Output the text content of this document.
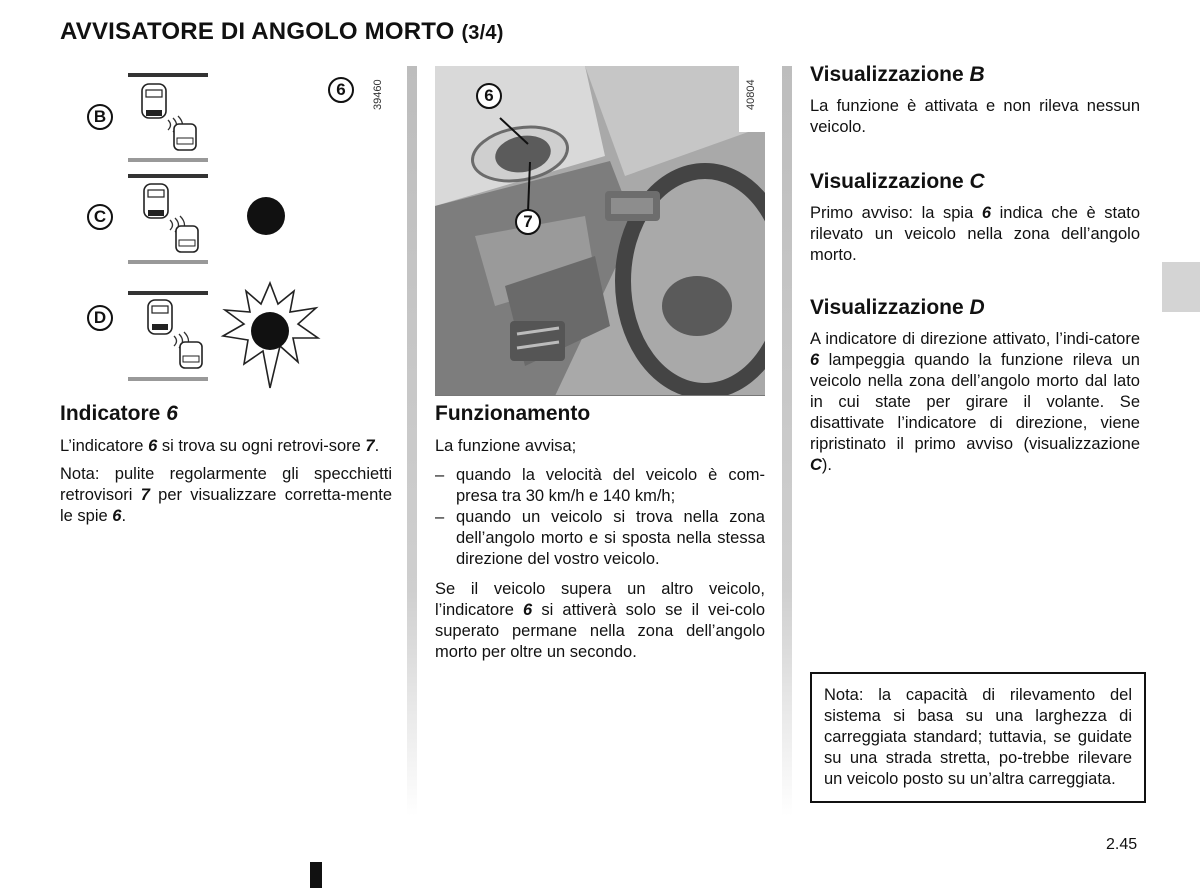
AVVISATORE DI ANGOLO MORTO (3/4)
B
C
D
6	39460	6
7
40804
Indicatore 6

L’indicatore 6 si trova su ogni retrovi-sore 7.

Nota: pulite regolarmente gli specchietti retrovisori 7 per visualizzare corretta-mente le spie 6.

Funzionamento

La funzione avvisa;

– quando la velocità del veicolo è com-presa tra 30 km/h e 140 km/h;
– quando un veicolo si trova nella zona dell’angolo morto e si sposta nella stessa direzione del vostro veicolo.

Se il veicolo supera un altro veicolo, l’indicatore 6 si attiverà solo se il vei-colo superato permane nella zona dell’angolo morto per oltre un secondo.

Visualizzazione B

La funzione è attivata e non rileva nessun veicolo.

Visualizzazione C

Primo avviso: la spia 6 indica che è stato rilevato un veicolo nella zona dell’angolo morto.

Visualizzazione D

A indicatore di direzione attivato, l’indi-catore 6 lampeggia quando la funzione rileva un veicolo nella zona dell’angolo morto dal lato in cui state per girare il volante. Se disattivate l’indicatore di direzione, viene ripristinato il primo avviso (visualizzazione C).

Nota: la capacità di rilevamento del sistema si basa su una larghezza di carreggiata standard; tuttavia, se guidate su una strada stretta, po-trebbe rilevare un veicolo posto su un’altra carreggiata.

2.45
